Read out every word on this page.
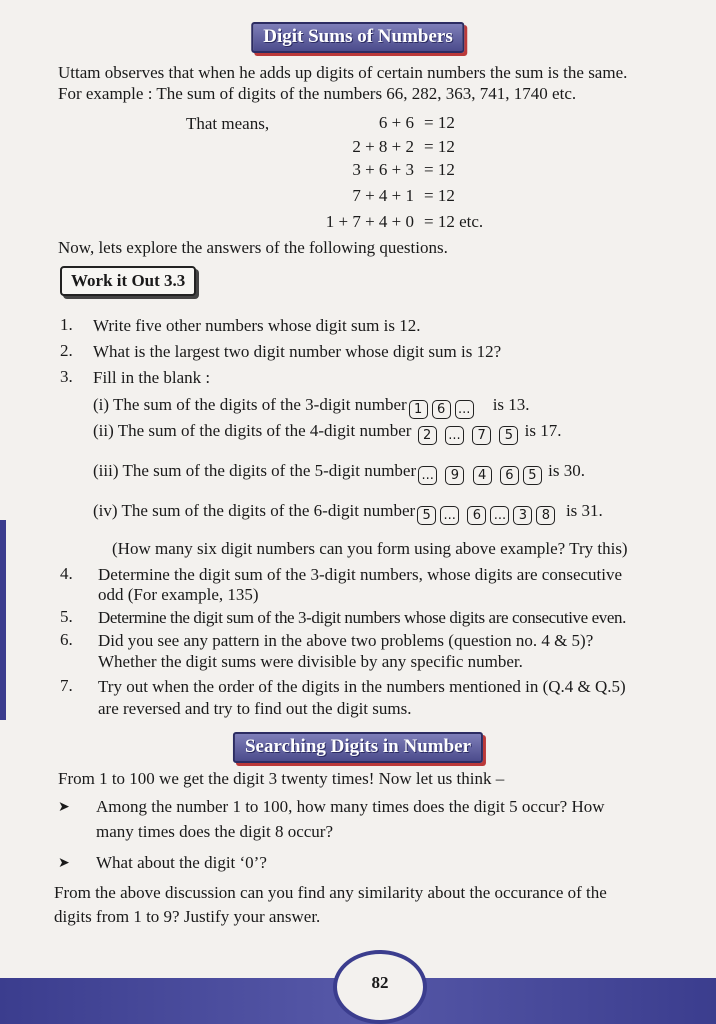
Digit Sums of Numbers
Uttam observes that when he adds up digits of certain numbers the sum is the same.
For example : The sum of digits of the numbers 66, 282, 363, 741, 1740 etc.
That means,	6 + 6 = 12
2 + 8 + 2 = 12
3 + 6 + 3 = 12
7 + 4 + 1 = 12
1 + 7 + 4 + 0 = 12 etc.
Now, lets explore the answers of the following questions.
Work it Out 3.3
1. Write five other numbers whose digit sum is 12.
2. What is the largest two digit number whose digit sum is 12?
3. Fill in the blank :
(i) The sum of the digits of the 3-digit number 1 6 ... is 13.
(ii) The sum of the digits of the 4-digit number 2 ... 7 5 is 17.
(iii) The sum of the digits of the 5-digit number ... 9 4 6 5 is 30.
(iv) The sum of the digits of the 6-digit number 5 ... 6 ... 3 8 is 31.
(How many six digit numbers can you form using above example? Try this)
4. Determine the digit sum of the 3-digit numbers, whose digits are consecutive
odd (For example, 135)
5. Determine the digit sum of the 3-digit numbers whose digits are consecutive even.
6. Did you see any pattern in the above two problems (question no. 4 & 5)?
Whether the digit sums were divisible by any specific number.
7. Try out when the order of the digits in the numbers mentioned in (Q.4 & Q.5)
are reversed and try to find out the digit sums.
Searching Digits in Number
From 1 to 100 we get the digit 3 twenty times! Now let us think –
➤ Among the number 1 to 100, how many times does the digit 5 occur? How
many times does the digit 8 occur?
➤ What about the digit ‘0’?
From the above discussion can you find any similarity about the occurance of the
digits from 1 to 9? Justify your answer.
82
